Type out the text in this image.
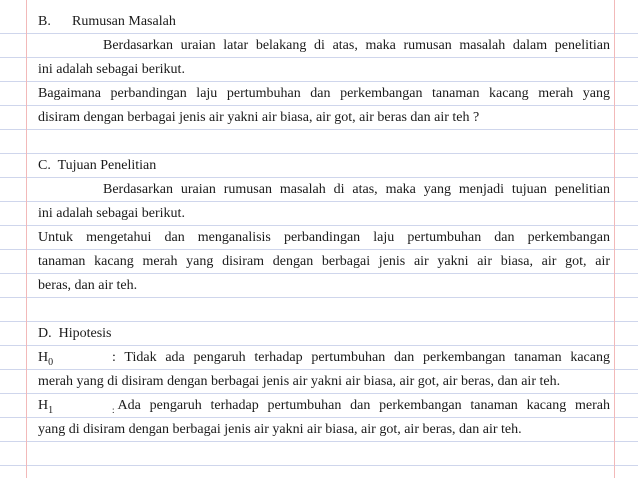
B. Rumusan Masalah
Berdasarkan uraian latar belakang di atas, maka rumusan masalah dalam penelitian
ini adalah sebagai berikut.
Bagaimana perbandingan laju pertumbuhan dan perkembangan tanaman kacang merah yang
disiram dengan berbagai jenis air yakni air biasa, air got, air beras dan air teh ?
C.  Tujuan Penelitian
Berdasarkan uraian rumusan masalah di atas, maka yang menjadi tujuan penelitian
ini adalah sebagai berikut.
Untuk mengetahui dan menganalisis perbandingan laju pertumbuhan dan perkembangan
tanaman kacang merah yang disiram dengan berbagai jenis air yakni air biasa, air got, air
beras, dan air teh.
D.  Hipotesis
$H_0$	: Tidak ada pengaruh terhadap pertumbuhan dan perkembangan tanaman kacang
merah yang di disiram dengan berbagai jenis air yakni air biasa, air got, air beras, dan air teh.
$H_1$	$_:$ Ada pengaruh terhadap pertumbuhan dan perkembangan tanaman kacang merah
yang di disiram dengan berbagai jenis air yakni air biasa, air got, air beras, dan air teh.
